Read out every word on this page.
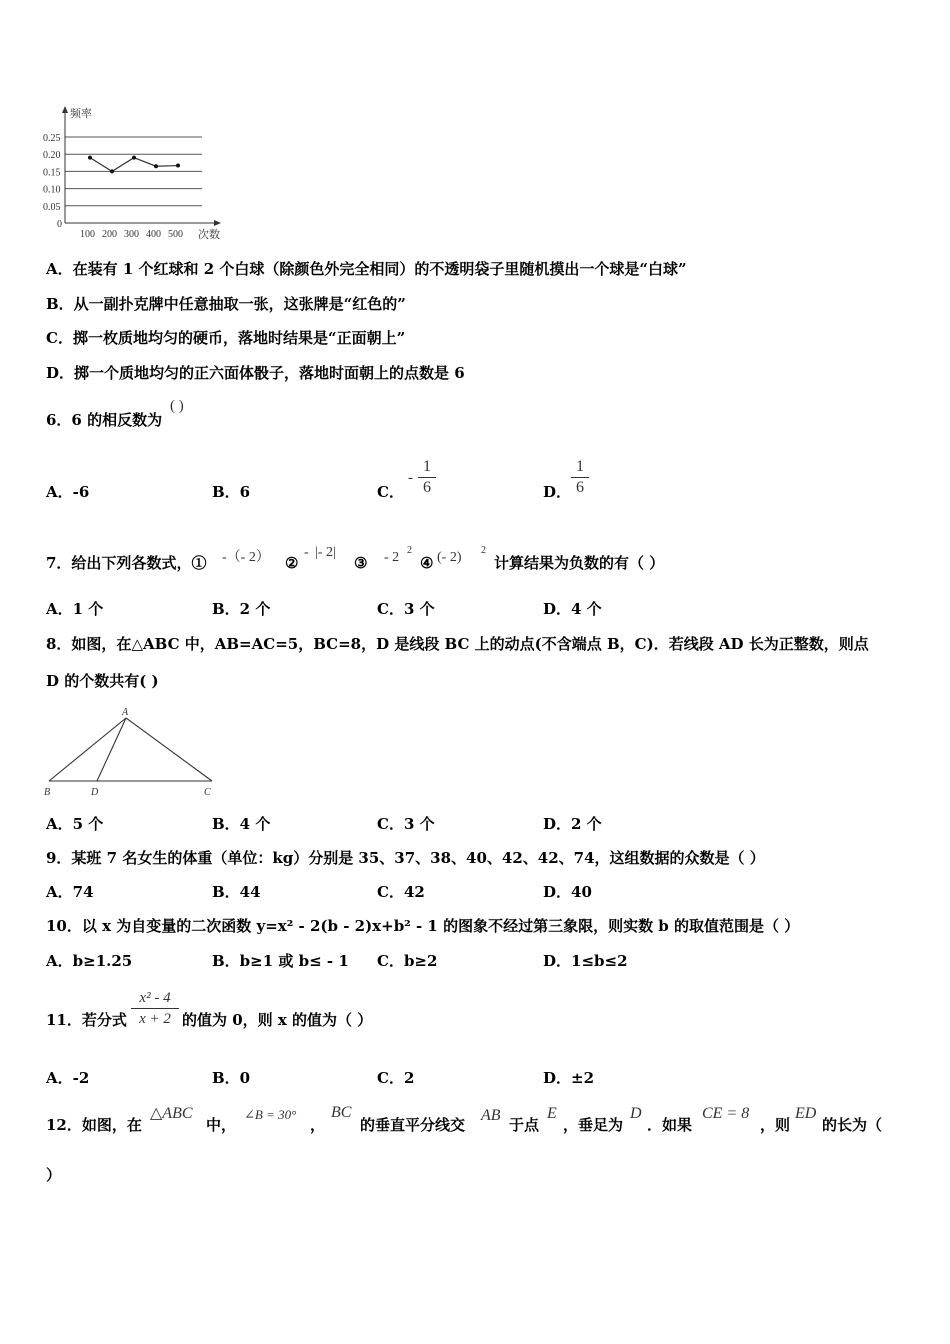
频率
次数
0.25
0.20
0.15
0.10
0.05
0
100 200 300 400 500
A．在装有 1 个红球和 2 个白球（除颜色外完全相同）的不透明袋子里随机摸出一个球是“白球”
B．从一副扑克牌中任意抽取一张，这张牌是“红色的”
C．掷一枚质地均匀的硬币，落地时结果是“正面朝上”
D．掷一个质地均匀的正六面体骰子，落地时面朝上的点数是 6
6．6 的相反数为
( )
A．-6	B．6	C．
-
1
6	D．
1
6
7．给出下列各数式，① -（- 2） ②
- |- 2|
③ - 2 2
④ (- 2) 2
计算结果为负数的有（ ）
A．1 个	B．2 个	C．3 个	D．4 个
8．如图，在△ABC 中，AB=AC=5，BC=8，D 是线段 BC 上的动点(不含端点 B，C)．若线段 AD 长为正整数，则点
D 的个数共有( )
A
B	D	C
A．5 个	B．4 个	C．3 个	D．2 个
9．某班 7 名女生的体重（单位：kg）分别是 35、37、38、40、42、42、74，这组数据的众数是（ ）
A．74	B．44	C．42	D．40
10．以 x 为自变量的二次函数 y=x² - 2(b - 2)x+b² - 1 的图象不经过第三象限，则实数 b 的取值范围是（ ）
A．b≥1.25	B．b≥1 或 b≤ - 1 C．b≥2	D．1≤b≤2
11．若分式
x² - 4
x + 2 的值为 0，则 x 的值为（ ）
A．-2	B．0	C．2	D．±2
12．如图，在
△ABC
中，
∠B = 30°
，
BC
的垂直平分线交
AB
于点
E
，垂足为
D
．如果
CE = 8
，则
ED
的长为（
）
